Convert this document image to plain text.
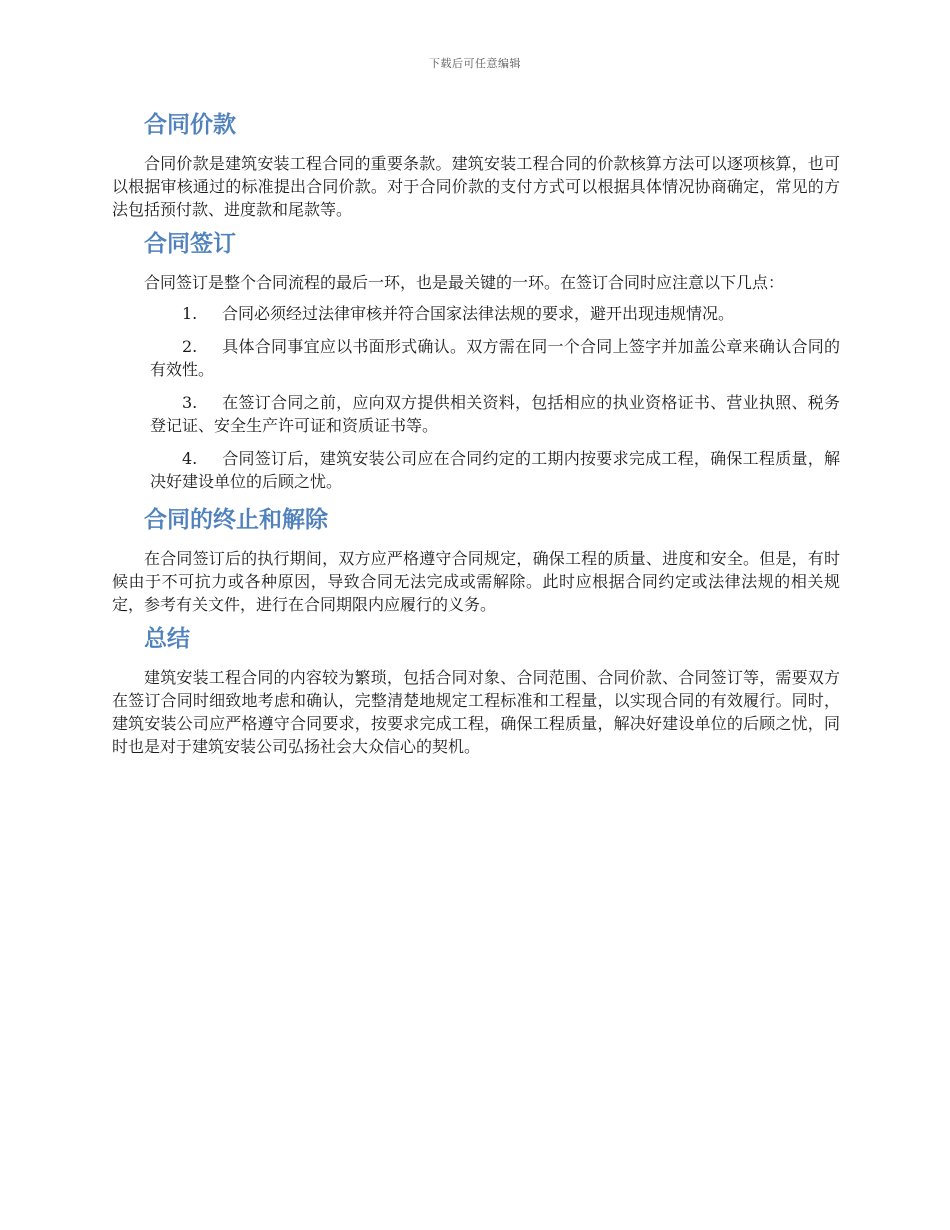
下载后可任意编辑
合同价款

合同价款是建筑安装工程合同的重要条款。建筑安装工程合同的价款核算方法可以逐项核算，也可以根据审核通过的标准提出合同价款。对于合同价款的支付方式可以根据具体情况协商确定，常见的方法包括预付款、进度款和尾款等。

合同签订

合同签订是整个合同流程的最后一环，也是最关键的一环。在签订合同时应注意以下几点：

1. 合同必须经过法律审核并符合国家法律法规的要求，避开出现违规情况。
2. 具体合同事宜应以书面形式确认。双方需在同一个合同上签字并加盖公章来确认合同的有效性。
3. 在签订合同之前，应向双方提供相关资料，包括相应的执业资格证书、营业执照、税务登记证、安全生产许可证和资质证书等。
4. 合同签订后，建筑安装公司应在合同约定的工期内按要求完成工程，确保工程质量，解决好建设单位的后顾之忧。
合同的终止和解除

在合同签订后的执行期间，双方应严格遵守合同规定，确保工程的质量、进度和安全。但是，有时候由于不可抗力或各种原因，导致合同无法完成或需解除。此时应根据合同约定或法律法规的相关规定，参考有关文件，进行在合同期限内应履行的义务。

总结

建筑安装工程合同的内容较为繁琐，包括合同对象、合同范围、合同价款、合同签订等，需要双方在签订合同时细致地考虑和确认，完整清楚地规定工程标准和工程量，以实现合同的有效履行。同时，建筑安装公司应严格遵守合同要求，按要求完成工程，确保工程质量，解决好建设单位的后顾之忧，同时也是对于建筑安装公司弘扬社会大众信心的契机。
